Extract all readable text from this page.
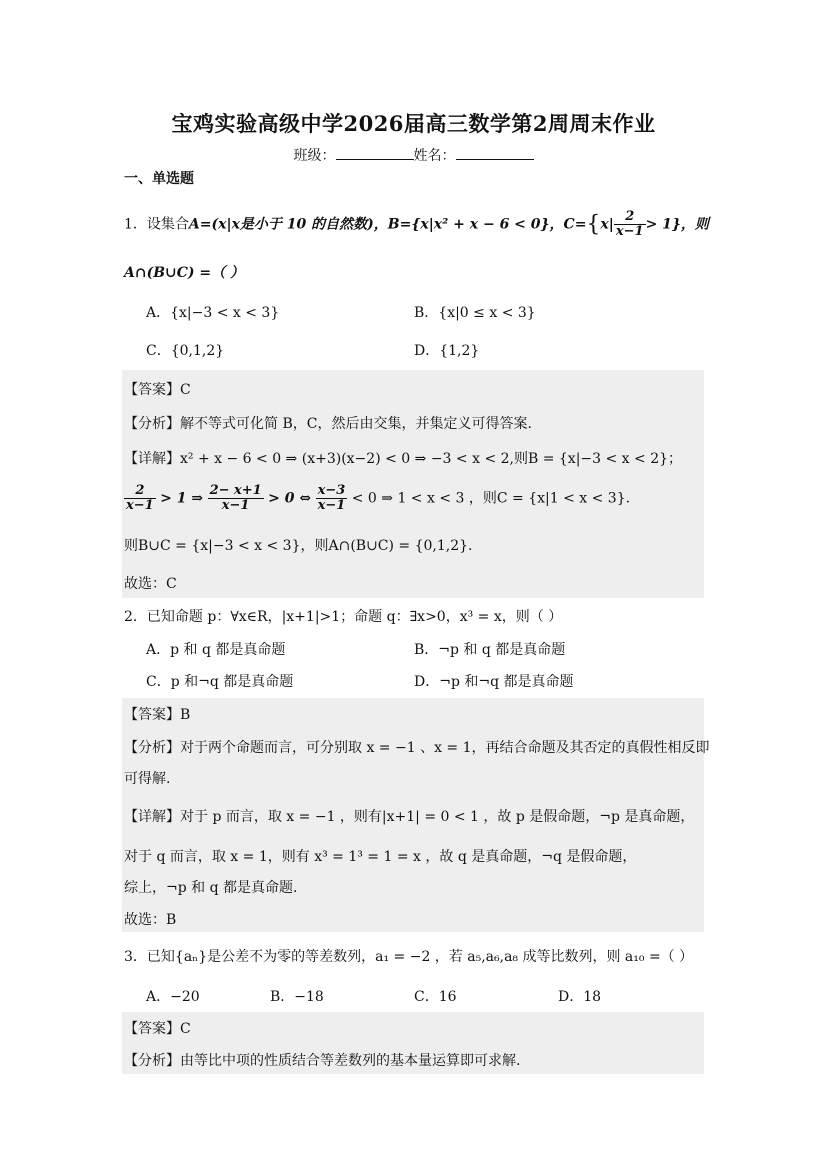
宝鸡实验高级中学2026届高三数学第2周周末作业
班级：	姓名：
一、单选题
1．设集合A=(x|x是小于 10 的自然数)，B={x|x² + x − 6 < 0}，$C=\{x| \frac{2}{x-1} > 1\}$，则
A∩(B∪C) =（ ）
A．{x|−3 < x < 3}	B．{x|0 ≤ x < 3}
C．{0,1,2}	D．{1,2}
【答案】C
【分析】解不等式可化简 B，C，然后由交集，并集定义可得答案.
【详解】x² + x − 6 < 0 ⇒ (x+3)(x−2) < 0 ⇒ −3 < x < 2,则B = {x|−3 < x < 2}；
$\frac{2}{x-1} > 1$ ⇒ $\frac{2- x+1}{x-1} > 0$ ⇔ $\frac{x-3}{x-1} < 0$ ⇒ 1 < x < 3 ，则C = {x|1 < x < 3}.
则B∪C = {x|−3 < x < 3}，则A∩(B∪C) = {0,1,2}.
故选：C
2．已知命题 p：∀x∈R，|x+1|>1；命题 q：∃x>0，x³ = x，则（ ）
A．p 和 q 都是真命题	B．¬p 和 q 都是真命题
C．p 和¬q 都是真命题	D．¬p 和¬q 都是真命题
【答案】B
【分析】对于两个命题而言，可分别取 x = −1 、x = 1，再结合命题及其否定的真假性相反即
可得解.
【详解】对于 p 而言，取 x = −1 ，则有|x+1| = 0 < 1 ，故 p 是假命题，¬p 是真命题，
对于 q 而言，取 x = 1，则有 x³ = 1³ = 1 = x ，故 q 是真命题，¬q 是假命题，
综上，¬p 和 q 都是真命题.
故选：B
3．已知{aₙ}是公差不为零的等差数列，a₁ = −2 ，若 a₅,a₆,a₈ 成等比数列，则 a₁₀ =（ ）
A．−20	B．−18	C．16	D．18
【答案】C
【分析】由等比中项的性质结合等差数列的基本量运算即可求解.
